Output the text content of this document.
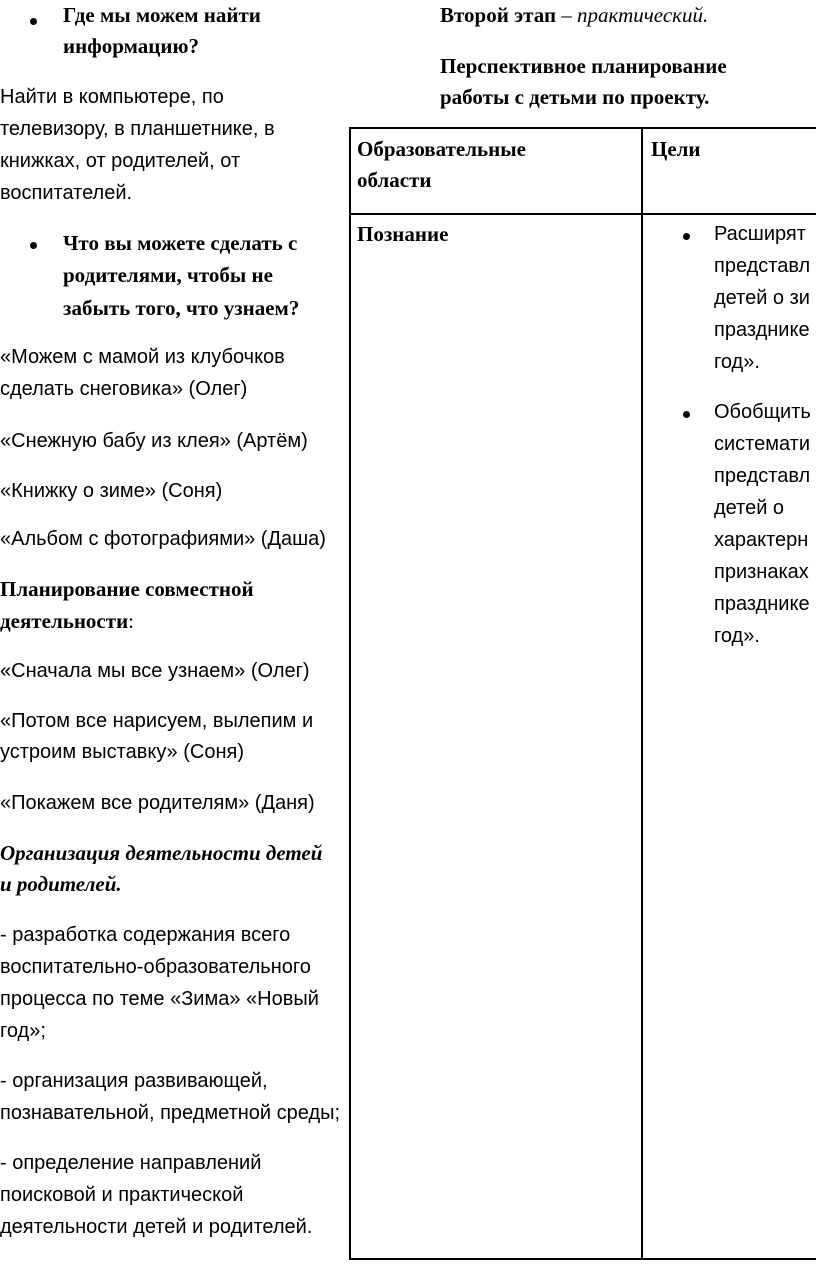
Где мы можем найти
информацию?
Найти в компьютере, по
телевизору, в планшетнике, в
книжках, от родителей, от
воспитателей.
Что вы можете сделать с
родителями, чтобы не
забыть того, что узнаем?
«Можем с мамой из клубочков
сделать снеговика» (Олег)
«Снежную бабу из клея» (Артём)
«Книжку о зиме» (Соня)
«Альбом с фотографиями» (Даша)
Планирование совместной
деятельности:
«Сначала мы все узнаем» (Олег)
«Потом все нарисуем, вылепим и
устроим выставку» (Соня)
«Покажем все родителям» (Даня)
Организация деятельности детей
и родителей.
- разработка содержания всего
воспитательно-образовательного
процесса по теме «Зима» «Новый
год»;
- организация развивающей,
познавательной, предметной среды;
- определение направлений
поисковой и практической
деятельности детей и родителей.
Второй этап – практический.
Перспективное планирование
работы с детьми по проекту.
Образовательные
области
Цели
Познание	Расширят
представл
детей о зи
празднике
год».
Обобщить
системати
представл
детей о
характерн
признаках
празднике
год».
